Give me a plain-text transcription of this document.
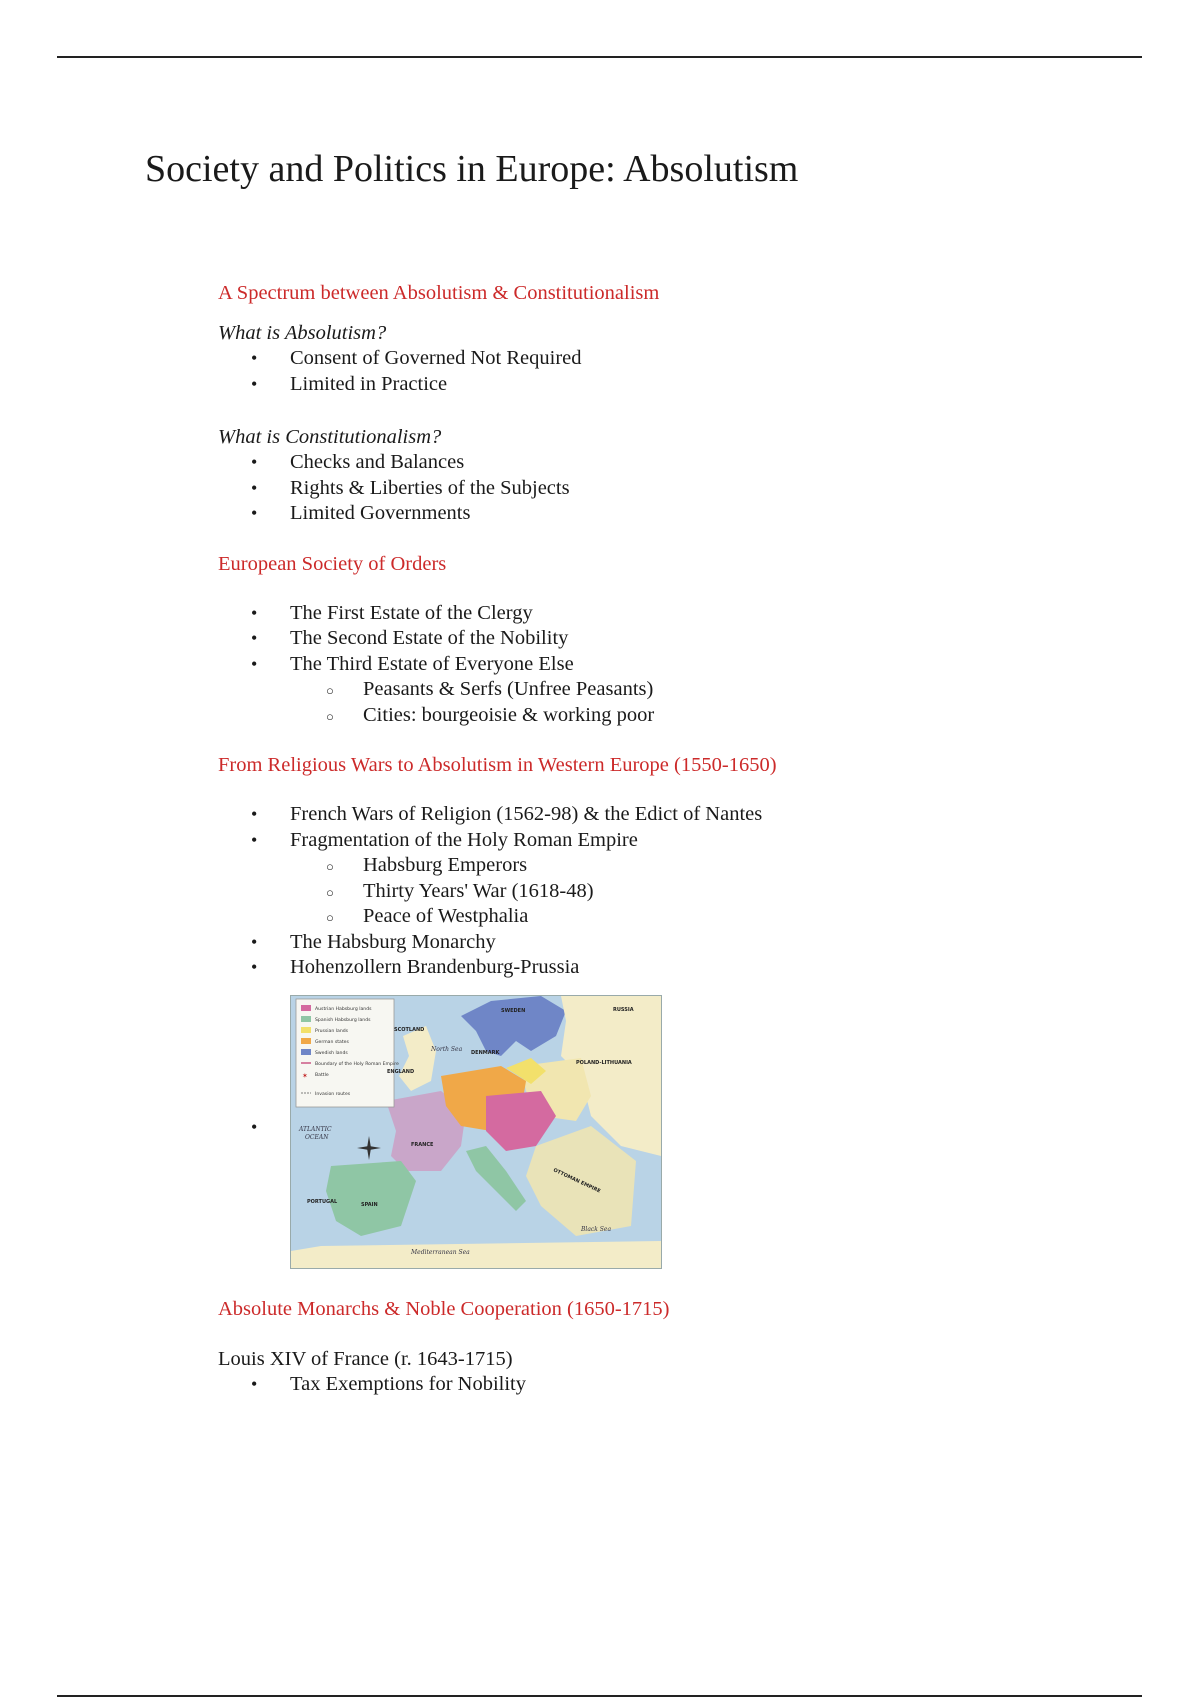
Society and Politics in Europe: Absolutism
A Spectrum between Absolutism & Constitutionalism

What is Absolutism?

• Consent of Governed Not Required
• Limited in Practice

What is Constitutionalism?

• Checks and Balances
• Rights & Liberties of the Subjects
• Limited Governments
European Society of Orders
• The First Estate of the Clergy
• The Second Estate of the Nobility
• The Third Estate of Everyone Else
○ Peasants & Serfs (Unfree Peasants)
○ Cities: bourgeoisie & working poor
From Religious Wars to Absolutism in Western Europe (1550-1650)
• French Wars of Religion (1562-98) & the Edict of Nantes
• Fragmentation of the Holy Roman Empire
○ Habsburg Emperors
○ Thirty Years' War (1618-48)
○ Peace of Westphalia
• The Habsburg Monarchy
• Hohenzollern Brandenburg-Prussia
•
Austrian Habsburg lands
Spanish Habsburg lands
Prussian lands
German states
Swedish lands
Boundary of the Holy Roman Empire
✶ Battle
Invasion routes
ATLANTIC
OCEAN
North Sea
Black Sea
Mediterranean Sea
RUSSIA
FRANCE
SPAIN
PORTUGAL
SCOTLAND
ENGLAND
DENMARK
SWEDEN
POLAND-LITHUANIA
OTTOMAN EMPIRE
Absolute Monarchs & Noble Cooperation (1650-1715)

Louis XIV of France (r. 1643-1715)

• Tax Exemptions for Nobility
